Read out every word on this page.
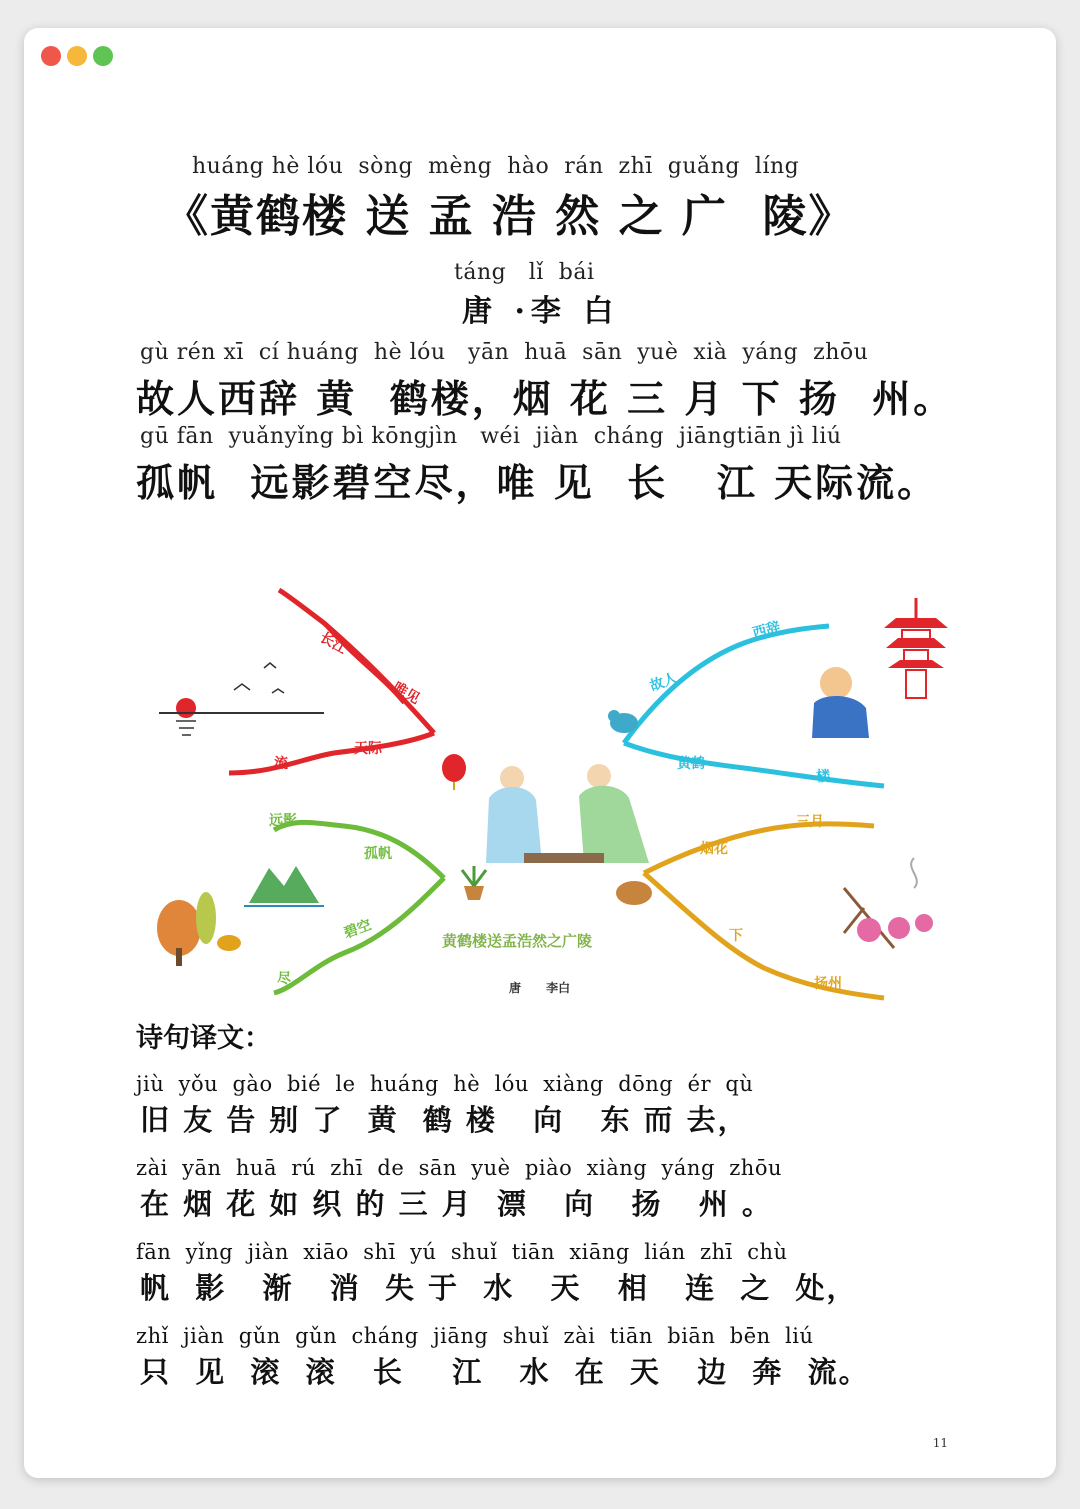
huáng hè lóu  sòng  mèng  hào  rán  zhī  guǎng  líng
《黄鹤楼 送 孟 浩 然 之 广  陵》
táng   lǐ  bái
唐 ·李 白
gù rén xī  cí huáng  hè lóu   yān  huā  sān  yuè  xià  yáng  zhōu
故人西辞 黄  鹤楼，烟 花 三 月 下 扬  州。
gū fān  yuǎnyǐng bì kōngjìn   wéi  jiàn  cháng  jiāngtiān jì liú
孤帆  远影碧空尽，唯 见  长   江 天际流。
长江
唯见
天际
流
西辞
故人
黄鹤
楼
远影
孤帆
碧空
尽
三月
烟花
下
扬州
黄鹤楼送孟浩然之广陵
唐      李白
诗句译文：
jiù  yǒu  gào  bié  le  huáng  hè  lóu  xiàng  dōng  ér  qù
旧 友 告 别 了  黄  鹤 楼   向   东 而 去，
zài  yān  huā  rú  zhī  de  sān  yuè  piào  xiàng  yáng  zhōu
在 烟 花 如 织 的 三 月  漂   向   扬   州 。
fān  yǐng  jiàn  xiāo  shī  yú  shuǐ  tiān  xiāng  lián  zhī  chù
帆  影   渐   消  失 于  水   天   相   连  之  处，
zhǐ  jiàn  gǔn  gǔn  cháng  jiāng  shuǐ  zài  tiān  biān  bēn  liú
只  见  滚  滚   长    江   水  在  天   边  奔  流。
11
